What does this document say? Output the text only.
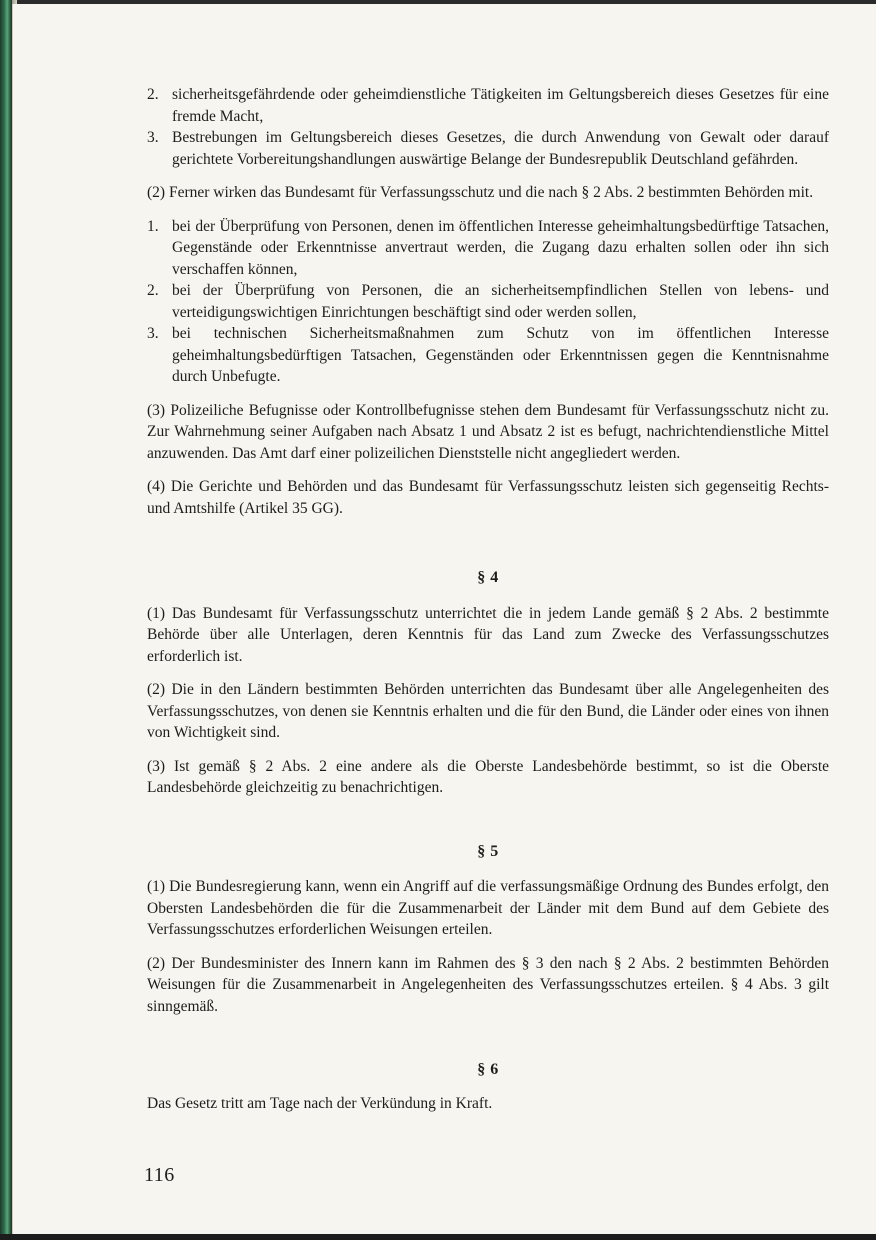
2. sicherheitsgefährdende oder geheimdienstliche Tätigkeiten im Geltungsbereich dieses Gesetzes für eine fremde Macht,
3. Bestrebungen im Geltungsbereich dieses Gesetzes, die durch Anwendung von Gewalt oder darauf gerichtete Vorbereitungshandlungen auswärtige Belange der Bundesrepublik Deutschland gefährden.

(2) Ferner wirken das Bundesamt für Verfassungsschutz und die nach § 2 Abs. 2 bestimmten Behörden mit.

1. bei der Überprüfung von Personen, denen im öffentlichen Interesse geheimhaltungsbedürftige Tatsachen, Gegenstände oder Erkenntnisse anvertraut werden, die Zugang dazu erhalten sollen oder ihn sich verschaffen können,
2. bei der Überprüfung von Personen, die an sicherheitsempfindlichen Stellen von lebens- und verteidigungswichtigen Einrichtungen beschäftigt sind oder werden sollen,
3. bei technischen Sicherheitsmaßnahmen zum Schutz von im öffentlichen Interesse geheimhaltungsbedürftigen Tatsachen, Gegenständen oder Erkenntnissen gegen die Kenntnisnahme durch Unbefugte.

(3) Polizeiliche Befugnisse oder Kontrollbefugnisse stehen dem Bundesamt für Verfassungsschutz nicht zu. Zur Wahrnehmung seiner Aufgaben nach Absatz 1 und Absatz 2 ist es befugt, nachrichtendienstliche Mittel anzuwenden. Das Amt darf einer polizeilichen Dienststelle nicht angegliedert werden.

(4) Die Gerichte und Behörden und das Bundesamt für Verfassungsschutz leisten sich gegenseitig Rechts- und Amtshilfe (Artikel 35 GG).

§ 4

(1) Das Bundesamt für Verfassungsschutz unterrichtet die in jedem Lande gemäß § 2 Abs. 2 bestimmte Behörde über alle Unterlagen, deren Kenntnis für das Land zum Zwecke des Verfassungsschutzes erforderlich ist.

(2) Die in den Ländern bestimmten Behörden unterrichten das Bundesamt über alle Angelegenheiten des Verfassungsschutzes, von denen sie Kenntnis erhalten und die für den Bund, die Länder oder eines von ihnen von Wichtigkeit sind.

(3) Ist gemäß § 2 Abs. 2 eine andere als die Oberste Landesbehörde bestimmt, so ist die Oberste Landesbehörde gleichzeitig zu benachrichtigen.

§ 5

(1) Die Bundesregierung kann, wenn ein Angriff auf die verfassungsmäßige Ordnung des Bundes erfolgt, den Obersten Landesbehörden die für die Zusammenarbeit der Länder mit dem Bund auf dem Gebiete des Verfassungsschutzes erforderlichen Weisungen erteilen.

(2) Der Bundesminister des Innern kann im Rahmen des § 3 den nach § 2 Abs. 2 bestimmten Behörden Weisungen für die Zusammenarbeit in Angelegenheiten des Verfassungsschutzes erteilen. § 4 Abs. 3 gilt sinngemäß.

§ 6

Das Gesetz tritt am Tage nach der Verkündung in Kraft.

116
